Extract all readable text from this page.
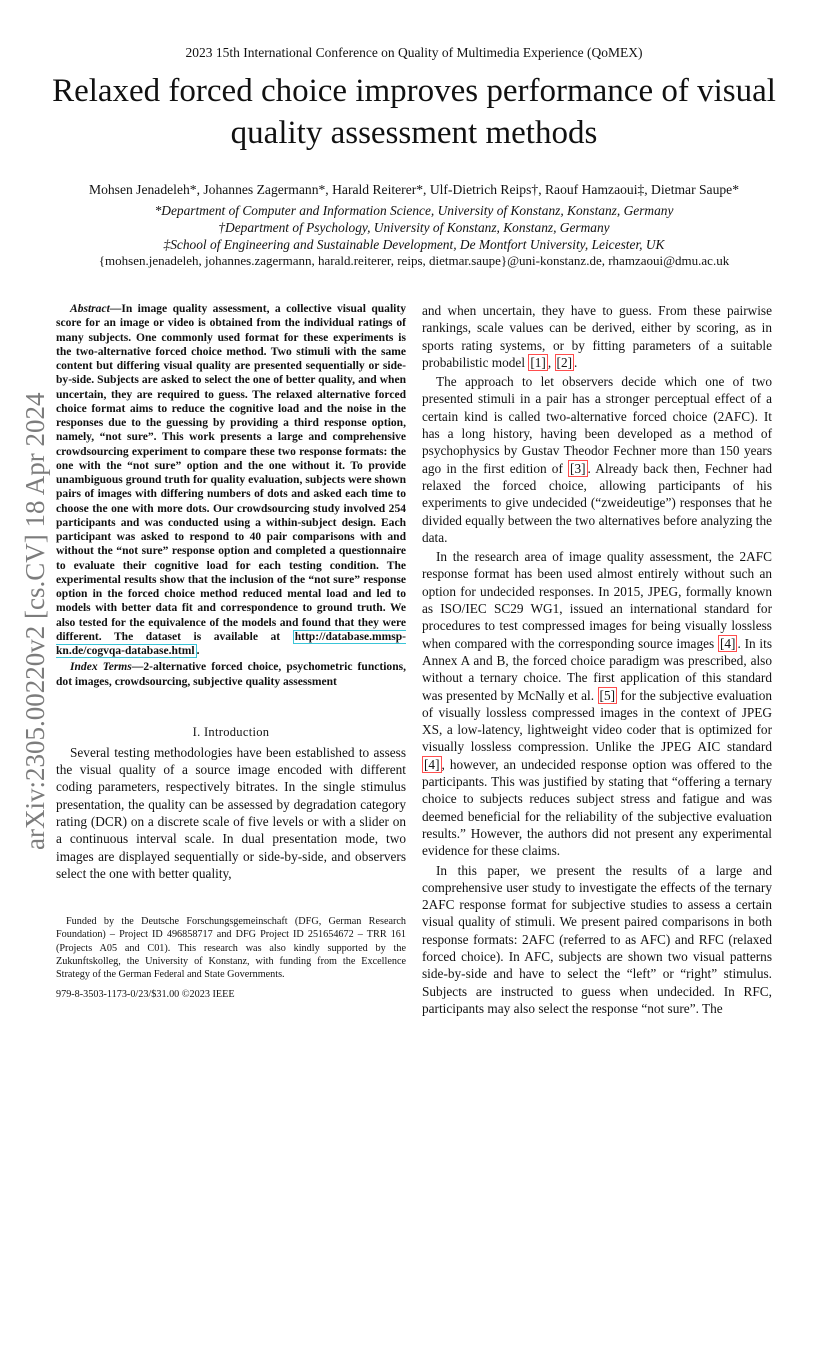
2023 15th International Conference on Quality of Multimedia Experience (QoMEX)
Relaxed forced choice improves performance of visual quality assessment methods
Mohsen Jenadeleh*, Johannes Zagermann*, Harald Reiterer*, Ulf-Dietrich Reips†, Raouf Hamzaoui‡, Dietmar Saupe*
*Department of Computer and Information Science, University of Konstanz, Konstanz, Germany
†Department of Psychology, University of Konstanz, Konstanz, Germany
‡School of Engineering and Sustainable Development, De Montfort University, Leicester, UK
{mohsen.jenadeleh, johannes.zagermann, harald.reiterer, reips, dietmar.saupe}@uni-konstanz.de, rhamzaoui@dmu.ac.uk
arXiv:2305.00220v2 [cs.CV] 18 Apr 2024

Abstract—In image quality assessment, a collective visual quality score for an image or video is obtained from the individual ratings of many subjects. One commonly used format for these experiments is the two-alternative forced choice method. Two stimuli with the same content but differing visual quality are presented sequentially or side-by-side. Subjects are asked to select the one of better quality, and when uncertain, they are required to guess. The relaxed alternative forced choice format aims to reduce the cognitive load and the noise in the responses due to the guessing by providing a third response option, namely, “not sure”. This work presents a large and comprehensive crowdsourcing experiment to compare these two response formats: the one with the “not sure” option and the one without it. To provide unambiguous ground truth for quality evaluation, subjects were shown pairs of images with differing numbers of dots and asked each time to choose the one with more dots. Our crowdsourcing study involved 254 participants and was conducted using a within-subject design. Each participant was asked to respond to 40 pair comparisons with and without the “not sure” response option and completed a questionnaire to evaluate their cognitive load for each testing condition. The experimental results show that the inclusion of the “not sure” response option in the forced choice method reduced mental load and led to models with better data fit and correspondence to ground truth. We also tested for the equivalence of the models and found that they were different. The dataset is available at http://database.mmsp-kn.de/cogvqa-database.html .

Index Terms—2-alternative forced choice, psychometric functions, dot images, crowdsourcing, subjective quality assessment

I. Introduction

Several testing methodologies have been established to assess the visual quality of a source image encoded with different coding parameters, respectively bitrates. In the single stimulus presentation, the quality can be assessed by degradation category rating (DCR) on a discrete scale of five levels or with a slider on a continuous interval scale. In dual presentation mode, two images are displayed sequentially or side-by-side, and observers select the one with better quality,

and when uncertain, they have to guess. From these pairwise rankings, scale values can be derived, either by scoring, as in sports rating systems, or by fitting parameters of a suitable probabilistic model [1] , [2] .

The approach to let observers decide which one of two presented stimuli in a pair has a stronger perceptual effect of a certain kind is called two-alternative forced choice (2AFC). It has a long history, having been developed as a method of psychophysics by Gustav Theodor Fechner more than 150 years ago in the first edition of [3] . Already back then, Fechner had relaxed the forced choice, allowing participants of his experiments to give undecided (“zweideutige”) responses that he divided equally between the two alternatives before analyzing the data.

In the research area of image quality assessment, the 2AFC response format has been used almost entirely without such an option for undecided responses. In 2015, JPEG, formally known as ISO/IEC SC29 WG1, issued an international standard for procedures to test compressed images for being visually lossless when compared with the corresponding source images [4] . In its Annex A and B, the forced choice paradigm was prescribed, also without a ternary choice. The first application of this standard was presented by McNally et al. [5] for the subjective evaluation of visually lossless compressed images in the context of JPEG XS, a low-latency, lightweight video coder that is optimized for visually lossless compression. Unlike the JPEG AIC standard [4] , however, an undecided response option was offered to the participants. This was justified by stating that “offering a ternary choice to subjects reduces subject stress and fatigue and was deemed beneficial for the reliability of the subjective evaluation results.” However, the authors did not present any experimental evidence for these claims.

In this paper, we present the results of a large and comprehensive user study to investigate the effects of the ternary 2AFC response format for subjective studies to assess a certain visual quality of stimuli. We present paired comparisons in both response formats: 2AFC (referred to as AFC) and RFC (relaxed forced choice). In AFC, subjects are shown two visual patterns side-by-side and have to select the “left” or “right” stimulus. Subjects are instructed to guess when undecided. In RFC, participants may also select the response “not sure”. The

Funded by the Deutsche Forschungsgemeinschaft (DFG, German Research Foundation) – Project ID 496858717 and DFG Project ID 251654672 – TRR 161 (Projects A05 and C01). This research was also kindly supported by the Zukunftskolleg, the University of Konstanz, with funding from the Excellence Strategy of the German Federal and State Governments.
979-8-3503-1173-0/23/$31.00 ©2023 IEEE
